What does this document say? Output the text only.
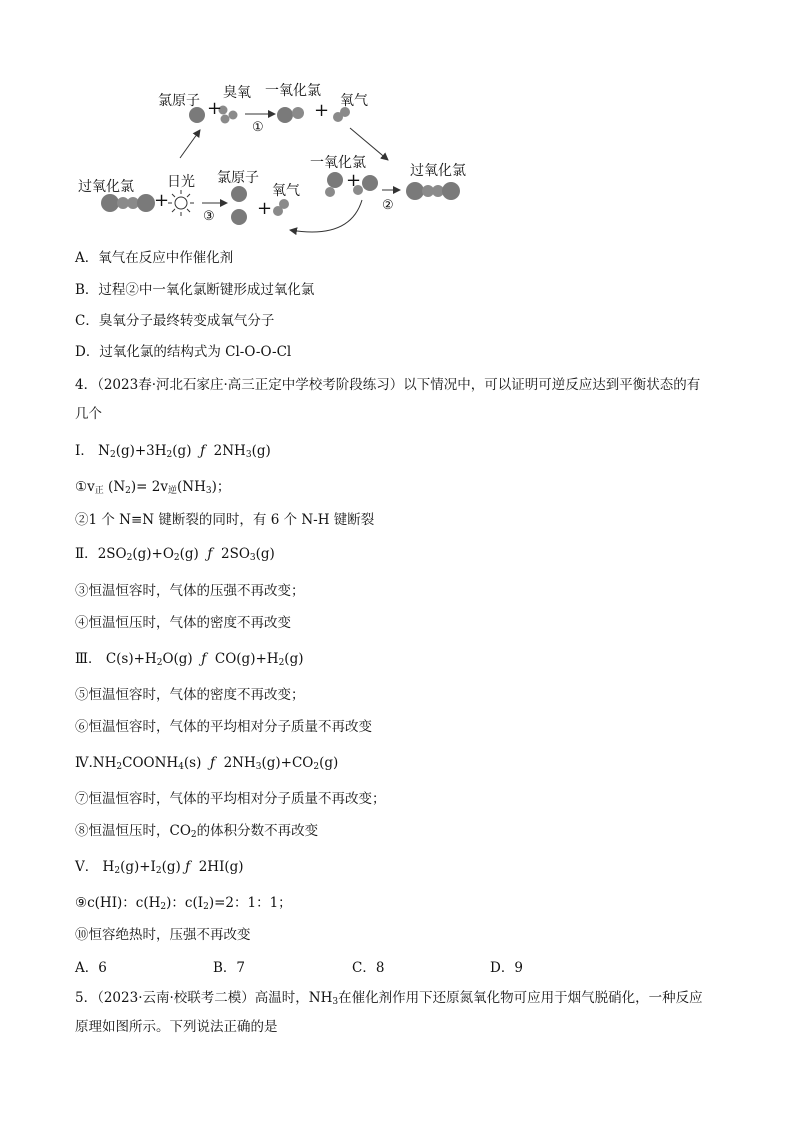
氯原子 +
臭氧
①
一氧化氯
+ 氧气
过氧化氯
+
日光
③
氯原子
+
氧气
一氧化氯
+
②
过氧化氯
A．氧气在反应中作催化剂
B．过程②中一氧化氯断键形成过氧化氯
C．臭氧分子最终转变成氧气分子
D．过氧化氯的结构式为 Cl-O-O-Cl
4．（2023春·河北石家庄·高三正定中学校考阶段练习）以下情况中，可以证明可逆反应达到平衡状态的有
几个
Ⅰ． $N_2(g)+3H_2(g)$ ƒ $2NH_3(g)$
$①v_正$ $(N_2)= 2v_逆(NH_3)$；
②1 个 N≡N 键断裂的同时，有 6 个 N-H 键断裂
Ⅱ．$2SO_2(g)+O_2(g)$ ƒ $2SO_3(g)$
③恒温恒容时，气体的压强不再改变；
④恒温恒压时，气体的密度不再改变
Ⅲ． $C(s)+H_2O(g)$ ƒ $CO(g)+H_2(g)$
⑤恒温恒容时，气体的密度不再改变；
⑥恒温恒容时，气体的平均相对分子质量不再改变
$Ⅳ.NH_2COONH_4(s)$ ƒ $2NH_3(g)+CO_2(g)$
⑦恒温恒容时，气体的平均相对分子质量不再改变；
⑧恒温恒压时，$CO_2$的体积分数不再改变
Ⅴ． $H_2(g)+I_2(g)$ ƒ 2HI(g)
⑨c(HI)：$c(H_2)$：$c(I_2)=2$：1：1；
⑩恒容绝热时，压强不再改变
A．6	B．7	C．8	D．9
5．（2023·云南·校联考二模）高温时，$NH_3$在催化剂作用下还原氮氧化物可应用于烟气脱硝化，一种反应
原理如图所示。下列说法正确的是
